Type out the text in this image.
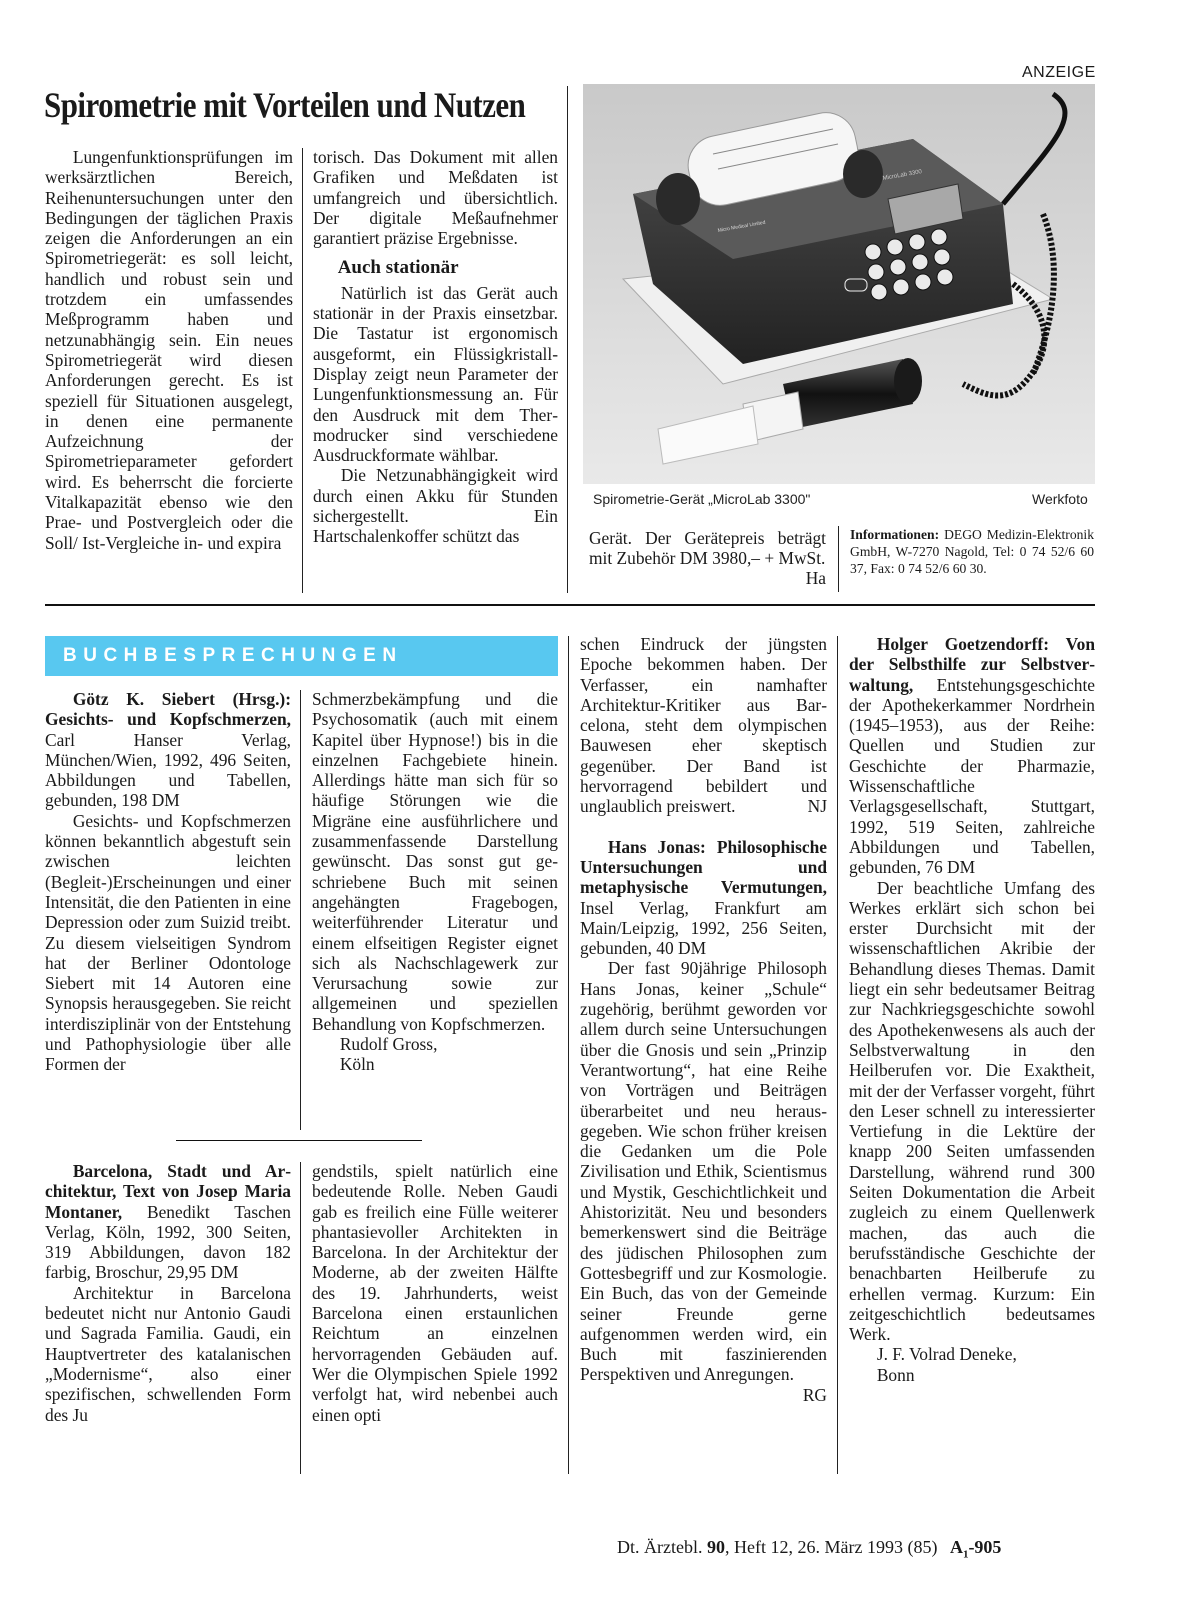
ANZEIGE
Spirometrie mit Vorteilen und Nutzen

Lungenfunktionsprüfungen im werksärztlichen Bereich, Reihenuntersuchungen unter den Bedingungen der täglichen Praxis zeigen die Anforderungen an ein Spirometriegerät: es soll leicht, handlich und robust sein und trotzdem ein umfassendes Meßprogramm haben und netzunabhängig sein. Ein neues Spirometriegerät wird diesen Anforderungen gerecht. Es ist speziell für Situationen ausgelegt, in denen eine permanente Aufzeichnung der Spirometrieparameter gefordert wird. Es beherrscht die forcierte Vitalkapazität ebenso wie den Prae- und Postvergleich oder die Soll/ Ist-Vergleiche in- und expira

torisch. Das Dokument mit allen Grafiken und Meßdaten ist umfangreich und übersichtlich. Der digitale Meßaufnehmer garantiert präzise Ergebnisse.

Auch stationär

Natürlich ist das Gerät auch stationär in der Praxis einsetzbar. Die Tastatur ist ergonomisch ausgeformt, ein Flüssigkristall-Display zeigt neun Parameter der Lungenfunktionsmessung an. Für den Ausdruck mit dem Thermodrucker sind verschiedene Ausdruckformate wählbar.

Die Netzunabhängigkeit wird durch einen Akku für Stunden sichergestellt. Ein Hartschalenkoffer schützt das

MicroLab 3300
Micro Medical Limited
Spirometrie-Gerät „MicroLab 3300"	Werkfoto

Gerät. Der Gerätepreis beträgt mit Zubehör DM 3980,– + MwSt.

Ha
Informationen: DEGO Medizin-Elektronik GmbH, W-7270 Nagold, Tel: 0 74 52/6 60 37, Fax: 0 74 52/6 60 30.
BUCHBESPRECHUNGEN

Götz K. Siebert (Hrsg.): Gesichts- und Kopfschmerzen, Carl Hanser Verlag, München/Wien, 1992, 496 Seiten, Abbildungen und Tabellen, gebunden, 198 DM

Gesichts- und Kopfschmerzen können bekanntlich abgestuft sein zwischen leichten (Begleit-)Erscheinungen und einer Intensität, die den Patienten in eine Depression oder zum Suizid treibt. Zu diesem vielseitigen Syndrom hat der Berliner Odontologe Siebert mit 14 Autoren eine Synopsis herausgegeben. Sie reicht interdisziplinär von der Entstehung und Pathophysiologie über alle Formen der

Schmerzbekämpfung und die Psychosomatik (auch mit einem Kapitel über Hypnose!) bis in die einzelnen Fachgebiete hinein. Allerdings hätte man sich für so häufige Störungen wie die Migräne eine ausführlichere und zusammenfassende Darstellung gewünscht. Das sonst gut geschriebene Buch mit seinen angehängten Fragebogen, weiterführender Literatur und einem elfseitigen Register eignet sich als Nachschlagewerk zur Verursachung sowie zur allgemeinen und speziellen Behandlung von Kopfschmerzen.

Rudolf Gross,

Köln

Barcelona, Stadt und Architektur, Text von Josep Maria Montaner, Benedikt Taschen Verlag, Köln, 1992, 300 Seiten, 319 Abbildungen, davon 182 farbig, Broschur, 29,95 DM

Architektur in Barcelona bedeutet nicht nur Antonio Gaudi und Sagrada Familia. Gaudi, ein Hauptvertreter des katalanischen „Modernisme“, also einer spezifischen, schwellenden Form des Ju

gendstils, spielt natürlich eine bedeutende Rolle. Neben Gaudi gab es freilich eine Fülle weiterer phantasievoller Architekten in Barcelona. In der Architektur der Moderne, ab der zweiten Hälfte des 19. Jahrhunderts, weist Barcelona einen erstaunlichen Reichtum an einzelnen hervorragenden Gebäuden auf. Wer die Olympischen Spiele 1992 verfolgt hat, wird nebenbei auch einen opti

schen Eindruck der jüngsten Epoche bekommen haben. Der Verfasser, ein namhafter Architektur-Kritiker aus Barcelona, steht dem olympischen Bauwesen eher skeptisch gegenüber. Der Band ist hervorragend bebildert und unglaublich preiswert.	NJ

Hans Jonas: Philosophische Untersuchungen und metaphysische Vermutungen, Insel Verlag, Frankfurt am Main/Leipzig, 1992, 256 Seiten, gebunden, 40 DM

Der fast 90jährige Philosoph Hans Jonas, keiner „Schule“ zugehörig, berühmt geworden vor allem durch seine Untersuchungen über die Gnosis und sein „Prinzip Verantwortung“, hat eine Reihe von Vorträgen und Beiträgen überarbeitet und neu herausgegeben. Wie schon früher kreisen die Gedanken um die Pole Zivilisation und Ethik, Scientismus und Mystik, Geschichtlichkeit und Ahistorizität. Neu und besonders bemerkenswert sind die Beiträge des jüdischen Philosophen zum Gottesbegriff und zur Kosmologie. Ein Buch, das von der Gemeinde seiner Freunde gerne aufgenommen werden wird, ein Buch mit faszinierenden Perspektiven und Anregungen.
RG

Holger Goetzendorff: Von der Selbsthilfe zur Selbstverwaltung, Entstehungsgeschichte der Apothekerkammer Nordrhein (1945–1953), aus der Reihe: Quellen und Studien zur Geschichte der Pharmazie, Wissenschaftliche Verlagsgesellschaft, Stuttgart, 1992, 519 Seiten, zahlreiche Abbildungen und Tabellen, gebunden, 76 DM

Der beachtliche Umfang des Werkes erklärt sich schon bei erster Durchsicht mit der wissenschaftlichen Akribie der Behandlung dieses Themas. Damit liegt ein sehr bedeutsamer Beitrag zur Nachkriegsgeschichte sowohl des Apothekenwesens als auch der Selbstverwaltung in den Heilberufen vor. Die Exaktheit, mit der der Verfasser vorgeht, führt den Leser schnell zu interessierter Vertiefung in die Lektüre der knapp 200 Seiten umfassenden Darstellung, während rund 300 Seiten Dokumentation die Arbeit zugleich zu einem Quellenwerk machen, das auch die berufsständische Geschichte der benachbarten Heilberufe zu erhellen vermag. Kurzum: Ein zeitgeschichtlich bedeutsames Werk.

J. F. Volrad Deneke,

Bonn

Dt. Ärztebl. 90, Heft 12, 26. März 1993 (85) $A_1-905$
